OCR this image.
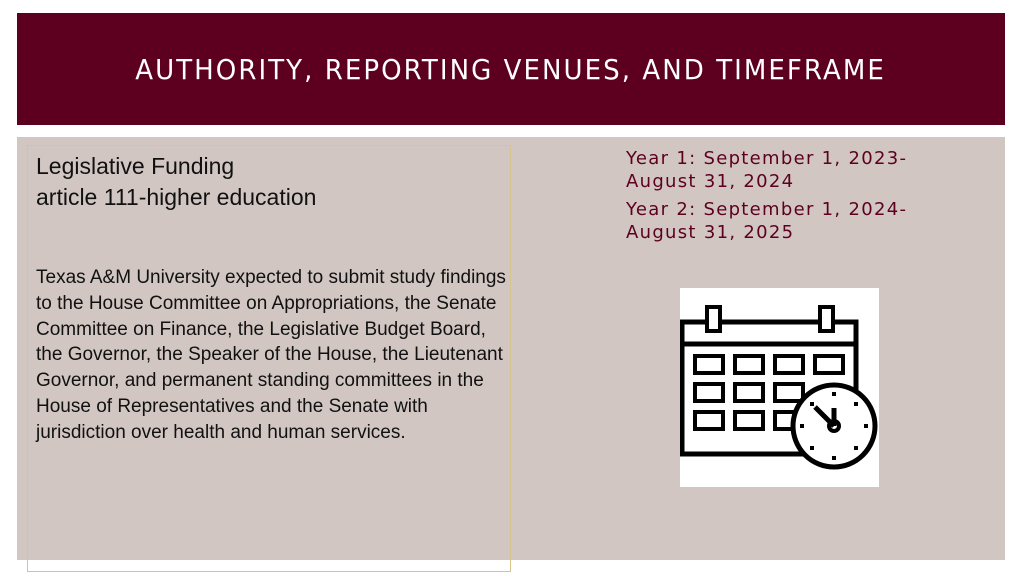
AUTHORITY, REPORTING VENUES, AND TIMEFRAME
Legislative Funding
article 111-higher education
Texas A&M University expected to submit study findings to the House Committee on Appropriations, the Senate Committee on Finance, the Legislative Budget Board, the Governor, the Speaker of the House, the Lieutenant Governor, and permanent standing committees in the House of Representatives and the Senate with jurisdiction over health and human services.
Year 1: September 1, 2023-
August 31, 2024
Year 2: September 1, 2024-
August 31, 2025
